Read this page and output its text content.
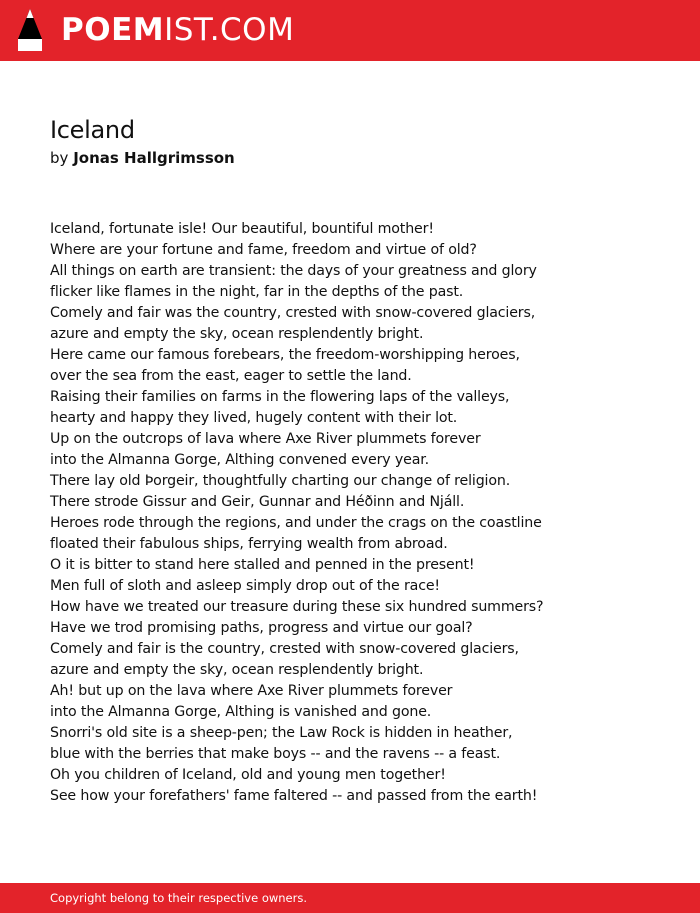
POEMIST.COM
Iceland
by Jonas Hallgrimsson
Iceland, fortunate isle! Our beautiful, bountiful mother!
Where are your fortune and fame, freedom and virtue of old?
All things on earth are transient: the days of your greatness and glory
flicker like flames in the night, far in the depths of the past.
Comely and fair was the country, crested with snow-covered glaciers,
azure and empty the sky, ocean resplendently bright.
Here came our famous forebears, the freedom-worshipping heroes,
over the sea from the east, eager to settle the land.
Raising their families on farms in the flowering laps of the valleys,
hearty and happy they lived, hugely content with their lot.
Up on the outcrops of lava where Axe River plummets forever
into the Almanna Gorge, Althing convened every year.
There lay old Þorgeir, thoughtfully charting our change of religion.
There strode Gissur and Geir, Gunnar and Héðinn and Njáll.
Heroes rode through the regions, and under the crags on the coastline
floated their fabulous ships, ferrying wealth from abroad.
O it is bitter to stand here stalled and penned in the present!
Men full of sloth and asleep simply drop out of the race!
How have we treated our treasure during these six hundred summers?
Have we trod promising paths, progress and virtue our goal?
Comely and fair is the country, crested with snow-covered glaciers,
azure and empty the sky, ocean resplendently bright.
Ah! but up on the lava where Axe River plummets forever
into the Almanna Gorge, Althing is vanished and gone.
Snorri's old site is a sheep-pen; the Law Rock is hidden in heather,
blue with the berries that make boys -- and the ravens -- a feast.
Oh you children of Iceland, old and young men together!
See how your forefathers' fame faltered -- and passed from the earth!
Copyright belong to their respective owners.
